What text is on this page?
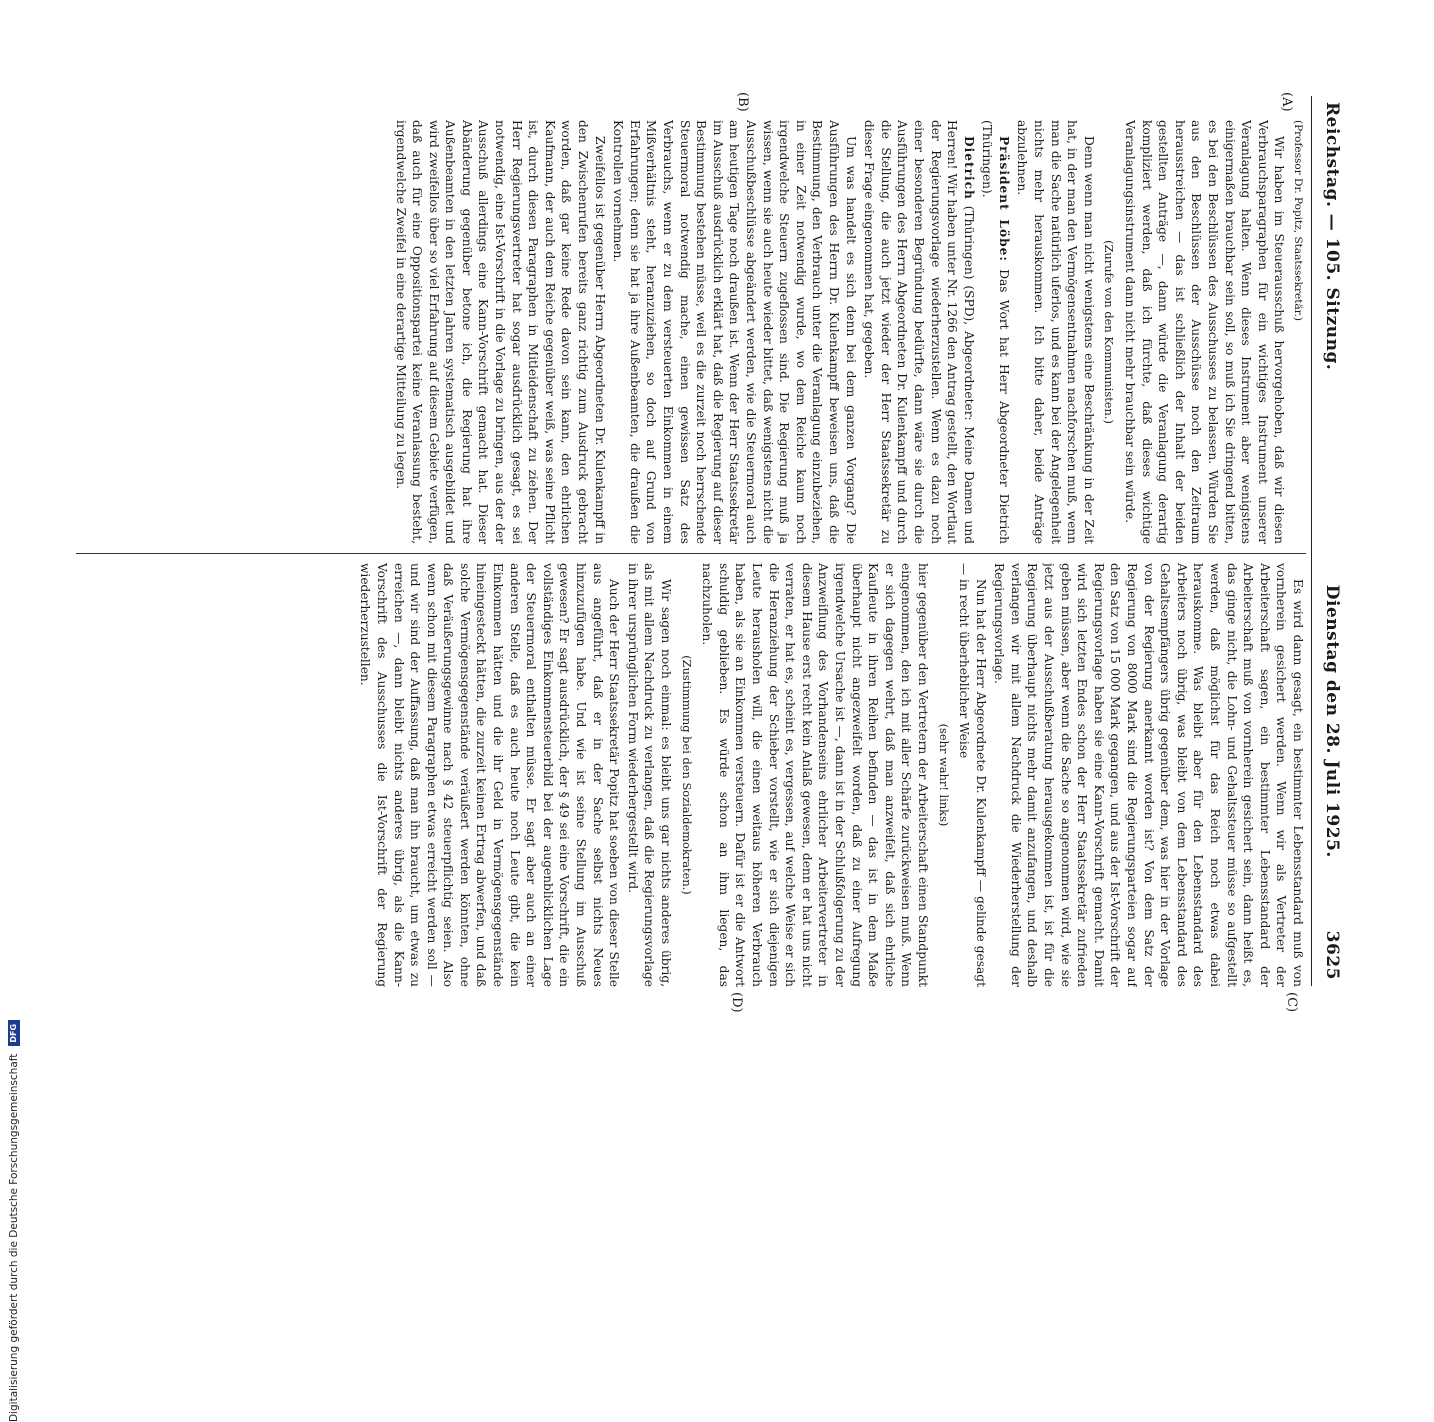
Reichstag. — 105. Sitzung.
Dienstag den 28. Juli 1925.  3625
(A)
(B)
(C)
(D)

(Professor Dr. Popitz, Staatssekretär.)

Wir haben im Steuerausschuß hervorgehoben, daß wir diesen Verbrauchsparagraphen für ein wichtiges Instrument unserer Veranlagung halten. Wenn dieses Instrument aber wenigstens einigermaßen brauchbar sein soll, so muß ich Sie dringend bitten, es bei den Beschlüssen des Ausschusses zu belassen. Würden Sie aus den Beschlüssen der Ausschüsse noch den Zeitraum herausstreichen — das ist schließlich der Inhalt der beiden gestellten Anträge —, dann würde die Veranlagung derartig kompliziert werden, daß ich fürchte, daß dieses wichtige Veranlagungsinstrument dann nicht mehr brauchbar sein würde.

(Zurufe von den Kommunisten.)

Denn wenn man nicht wenigstens eine Beschränkung in der Zeit hat, in der man den Vermögensentnahmen nachforschen muß, wenn man die Sache natürlich uferlos, und es kann bei der Angelegenheit nichts mehr herauskommen. Ich bitte daher, beide Anträge abzulehnen.

Präsident Löbe: Das Wort hat Herr Abgeordneter Dietrich (Thüringen).

Dietrich (Thüringen) (SPD), Abgeordneter: Meine Damen und Herren! Wir haben unter Nr. 1266 den Antrag gestellt, den Wortlaut der Regierungsvorlage wiederherzustellen. Wenn es dazu noch einer besonderen Begründung bedürfte, dann wäre sie durch die Ausführungen des Herrn Abgeordneten Dr. Kulenkampff und durch die Stellung, die auch jetzt wieder der Herr Staatssekretär zu dieser Frage eingenommen hat, gegeben.

Um was handelt es sich denn bei dem ganzen Vorgang? Die Ausführungen des Herrn Dr. Kulenkampff beweisen uns, daß die Bestimmung, den Verbrauch unter die Veranlagung einzubeziehen, in einer Zeit notwendig wurde, wo dem Reiche kaum noch irgendwelche Steuern zugeflossen sind. Die Regierung muß ja wissen, wenn sie auch heute wieder bittet, daß wenigstens nicht die Ausschußbeschlüsse abgeändert werden, wie die Steuermoral auch am heutigen Tage noch draußen ist. Wenn der Herr Staatssekretär im Ausschuß ausdrücklich erklärt hat, daß die Regierung auf dieser Bestimmung bestehen müsse, weil es die zurzeit noch herrschende Steuermoral notwendig mache, einen gewissen Satz des Verbrauchs, wenn er zu dem versteuerten Einkommen in einem Mißverhältnis steht, heranzuziehen, so doch auf Grund von Erfahrungen; denn sie hat ja ihre Außenbeamten, die draußen die Kontrollen vornehmen.

Zweifellos ist gegenüber Herrn Abgeordneten Dr. Kulenkampff in den Zwischenrufen bereits ganz richtig zum Ausdruck gebracht worden, daß gar keine Rede davon sein kann, den ehrlichen Kaufmann, der auch dem Reiche gegenüber weiß, was seine Pflicht ist, durch diesen Paragraphen in Mitleidenschaft zu ziehen. Der Herr Regierungsvertreter hat sogar ausdrücklich gesagt, es sei notwendig, eine Ist-Vorschrift in die Vorlage zu bringen, aus der der Ausschuß allerdings eine Kann-Vorschrift gemacht hat. Dieser Abänderung gegenüber betone ich, die Regierung hat ihre Außenbeamten in den letzten Jahren systematisch ausgebildet und wird zweifellos über so viel Erfahrung auf diesem Gebiete verfügen, daß auch für eine Oppositionspartei keine Veranlassung besteht, irgendwelche Zweifel in eine derartige Mitteilung zu legen.

Es wird dann gesagt, ein bestimmter Lebensstandard muß von vornherein gesichert werden. Wenn wir als Vertreter der Arbeiterschaft sagen, ein bestimmter Lebensstandard der Arbeiterschaft muß von vornherein gesichert sein, dann heißt es, das ginge nicht, die Lohn- und Gehaltssteuer müsse so aufgestellt werden, daß möglichst für das Reich noch etwas dabei herauskomme. Was bleibt aber für den Lebensstandard des Arbeiters noch übrig, was bleibt von dem Lebensstandard des Gehaltsempfängers übrig gegenüber dem, was hier in der Vorlage von der Regierung anerkannt worden ist? Von dem Satz der Regierung von 8000 Mark sind die Regierungsparteien sogar auf den Satz von 15 000 Mark gegangen, und aus der Ist-Vorschrift der Regierungsvorlage haben sie eine Kann-Vorschrift gemacht. Damit wird sich letzten Endes schon der Herr Staatssekretär zufrieden geben müssen, aber wenn die Sache so angenommen wird, wie sie jetzt aus der Ausschußberatung herausgekommen ist, ist für die Regierung überhaupt nichts mehr damit anzufangen, und deshalb verlangen wir mit allem Nachdruck die Wiederherstellung der Regierungsvorlage.

Nun hat der Herr Abgeordnete Dr. Kulenkampff — gelinde gesagt — in recht überheblicher Weise

(sehr wahr! links)

hier gegenüber den Vertretern der Arbeiterschaft einen Standpunkt eingenommen, den ich mit aller Schärfe zurückweisen muß. Wenn er sich dagegen wehrt, daß man anzweifelt, daß sich ehrliche Kaufleute in ihren Reihen befinden — das ist in dem Maße überhaupt nicht angezweifelt worden, daß zu einer Aufregung irgendwelche Ursache ist —, dann ist in der Schlußfolgerung zu der Anzweiflung des Vorhandenseins ehrlicher Arbeitervertreter in diesem Hause erst recht kein Anlaß gewesen, denn er hat uns nicht verraten, er hat es, scheint es, vergessen, auf welche Weise er sich die Heranziehung der Schieber vorstellt, wie er sich diejenigen Leute herausholen will, die einen weitaus höheren Verbrauch haben, als sie an Einkommen versteuern. Dafür ist er die Antwort schuldig geblieben. Es würde schon an ihm liegen, das nachzuholen.

(Zustimmung bei den Sozialdemokraten.)

Wir sagen noch einmal: es bleibt uns gar nichts anderes übrig, als mit allem Nachdruck zu verlangen, daß die Regierungsvorlage in ihrer ursprünglichen Form wiederhergestellt wird.

Auch der Herr Staatssekretär Popitz hat soeben von dieser Stelle aus angeführt, daß er in der Sache selbst nichts Neues hinzuzufügen habe. Und wie ist seine Stellung im Ausschuß gewesen? Er sagt ausdrücklich, der § 49 sei eine Vorschrift, die ein vollständiges Einkommensteuerbild bei der augenblicklichen Lage der Steuermoral enthalten müsse. Er sagt aber auch an einer anderen Stelle, daß es auch heute noch Leute gibt, die kein Einkommen hätten und die ihr Geld in Vermögensgegenstände hineingesteckt hätten, die zurzeit keinen Ertrag abwerfen, und daß solche Vermögensgegenstände veräußert werden könnten, ohne daß Veräußerungsgewinne nach § 42 steuerpflichtig seien. Also wenn schon mit diesem Paragraphen etwas erreicht werden soll — und wir sind der Auffassung, daß man ihn braucht, um etwas zu erreichen —, dann bleibt nichts anderes übrig, als die Kann-Vorschrift des Ausschusses die Ist-Vorschrift der Regierung wiederherzustellen.

Digitalisierung gefördert durch die Deutsche Forschungsgemeinschaft DFG
